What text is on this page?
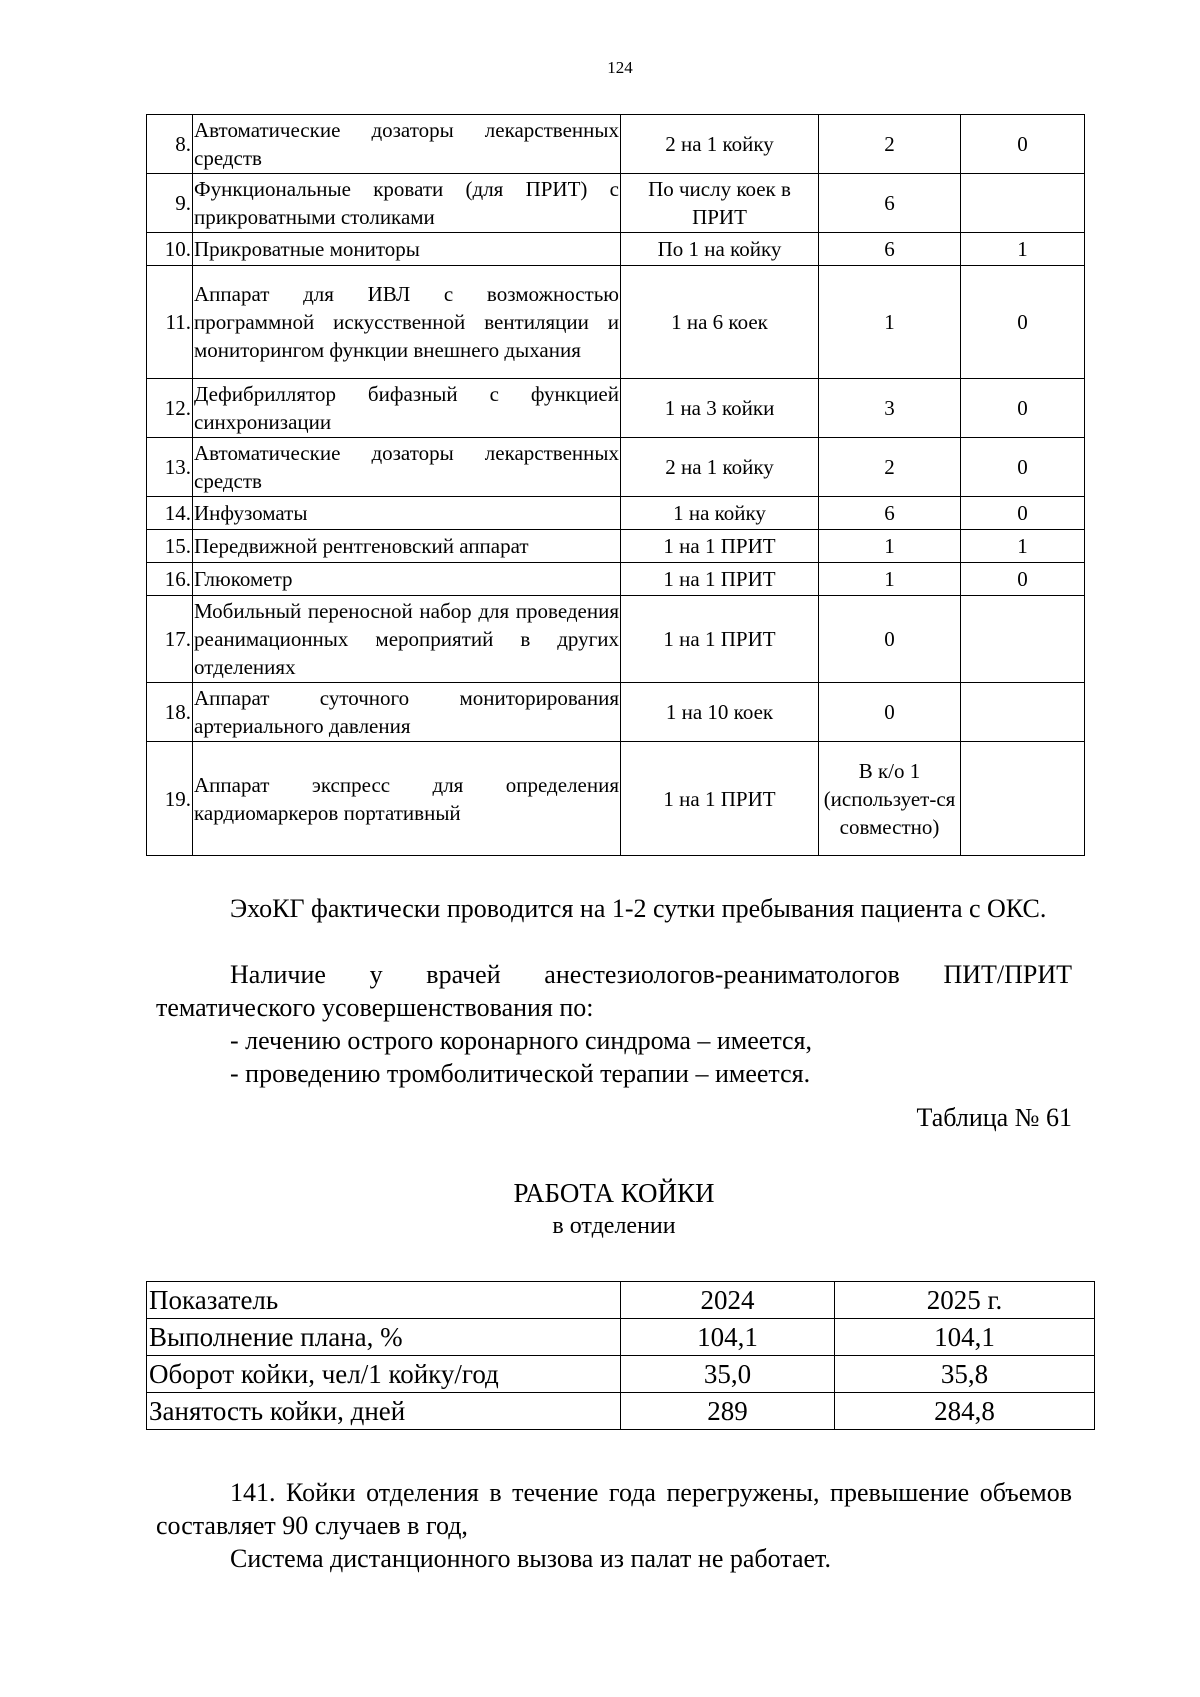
124
8.	Автоматические дозаторы лекарственных средств	2 на 1 койку	2	0
9.	Функциональные кровати (для ПРИТ) с прикроватными столиками	По числу коек в ПРИТ	6	
10.	Прикроватные мониторы	По 1 на койку	6	1
11.	Аппарат для ИВЛ с возможностью программной искусственной вентиляции и мониторингом функции внешнего дыхания	1 на 6 коек	1	0
12.	Дефибриллятор бифазный с функцией синхронизации	1 на 3 койки	3	0
13.	Автоматические дозаторы лекарственных средств	2 на 1 койку	2	0
14.	Инфузоматы	1 на койку	6	0
15.	Передвижной рентгеновский аппарат	1 на 1 ПРИТ	1	1
16.	Глюкометр	1 на 1 ПРИТ	1	0
17.	Мобильный переносной набор для проведения реанимационных мероприятий в других отделениях	1 на 1 ПРИТ	0	
18.	Аппарат суточного мониторирования артериального давления	1 на 10 коек	0	
19.	Аппарат экспресс для определения кардиомаркеров портативный	1 на 1 ПРИТ	В к/о 1 (использует-ся совместно)	

ЭхоКГ фактически проводится на 1-2 сутки пребывания пациента с ОКС.

Наличие у врачей анестезиологов-реаниматологов ПИТ/ПРИТ тематического усовершенствования по:

- лечению острого коронарного синдрома – имеется,

- проведению тромболитической терапии – имеется.

Таблица № 61
РАБОТА КОЙКИ
в отделении
Показатель	2024	2025 г.
Выполнение плана, %	104,1	104,1
Оборот койки, чел/1 койку/год	35,0	35,8
Занятость койки, дней	289	284,8

141. Койки отделения в течение года перегружены, превышение объемов составляет 90 случаев в год,

Система дистанционного вызова из палат не работает.
